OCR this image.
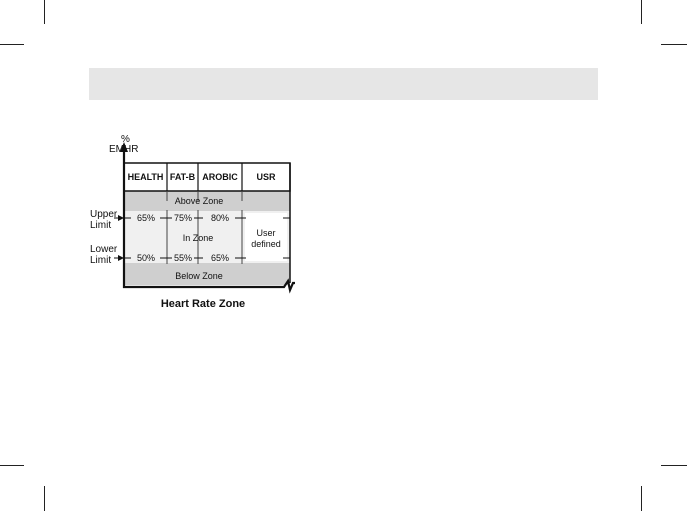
%
EMHR
HEALTH FAT-B AROBIC	USR
Above Zone
In Zone
Below Zone
65%	75%	80%
50%	55%	65%
User
defined
Upper
Limit
Lower
Limit
Heart Rate Zone
